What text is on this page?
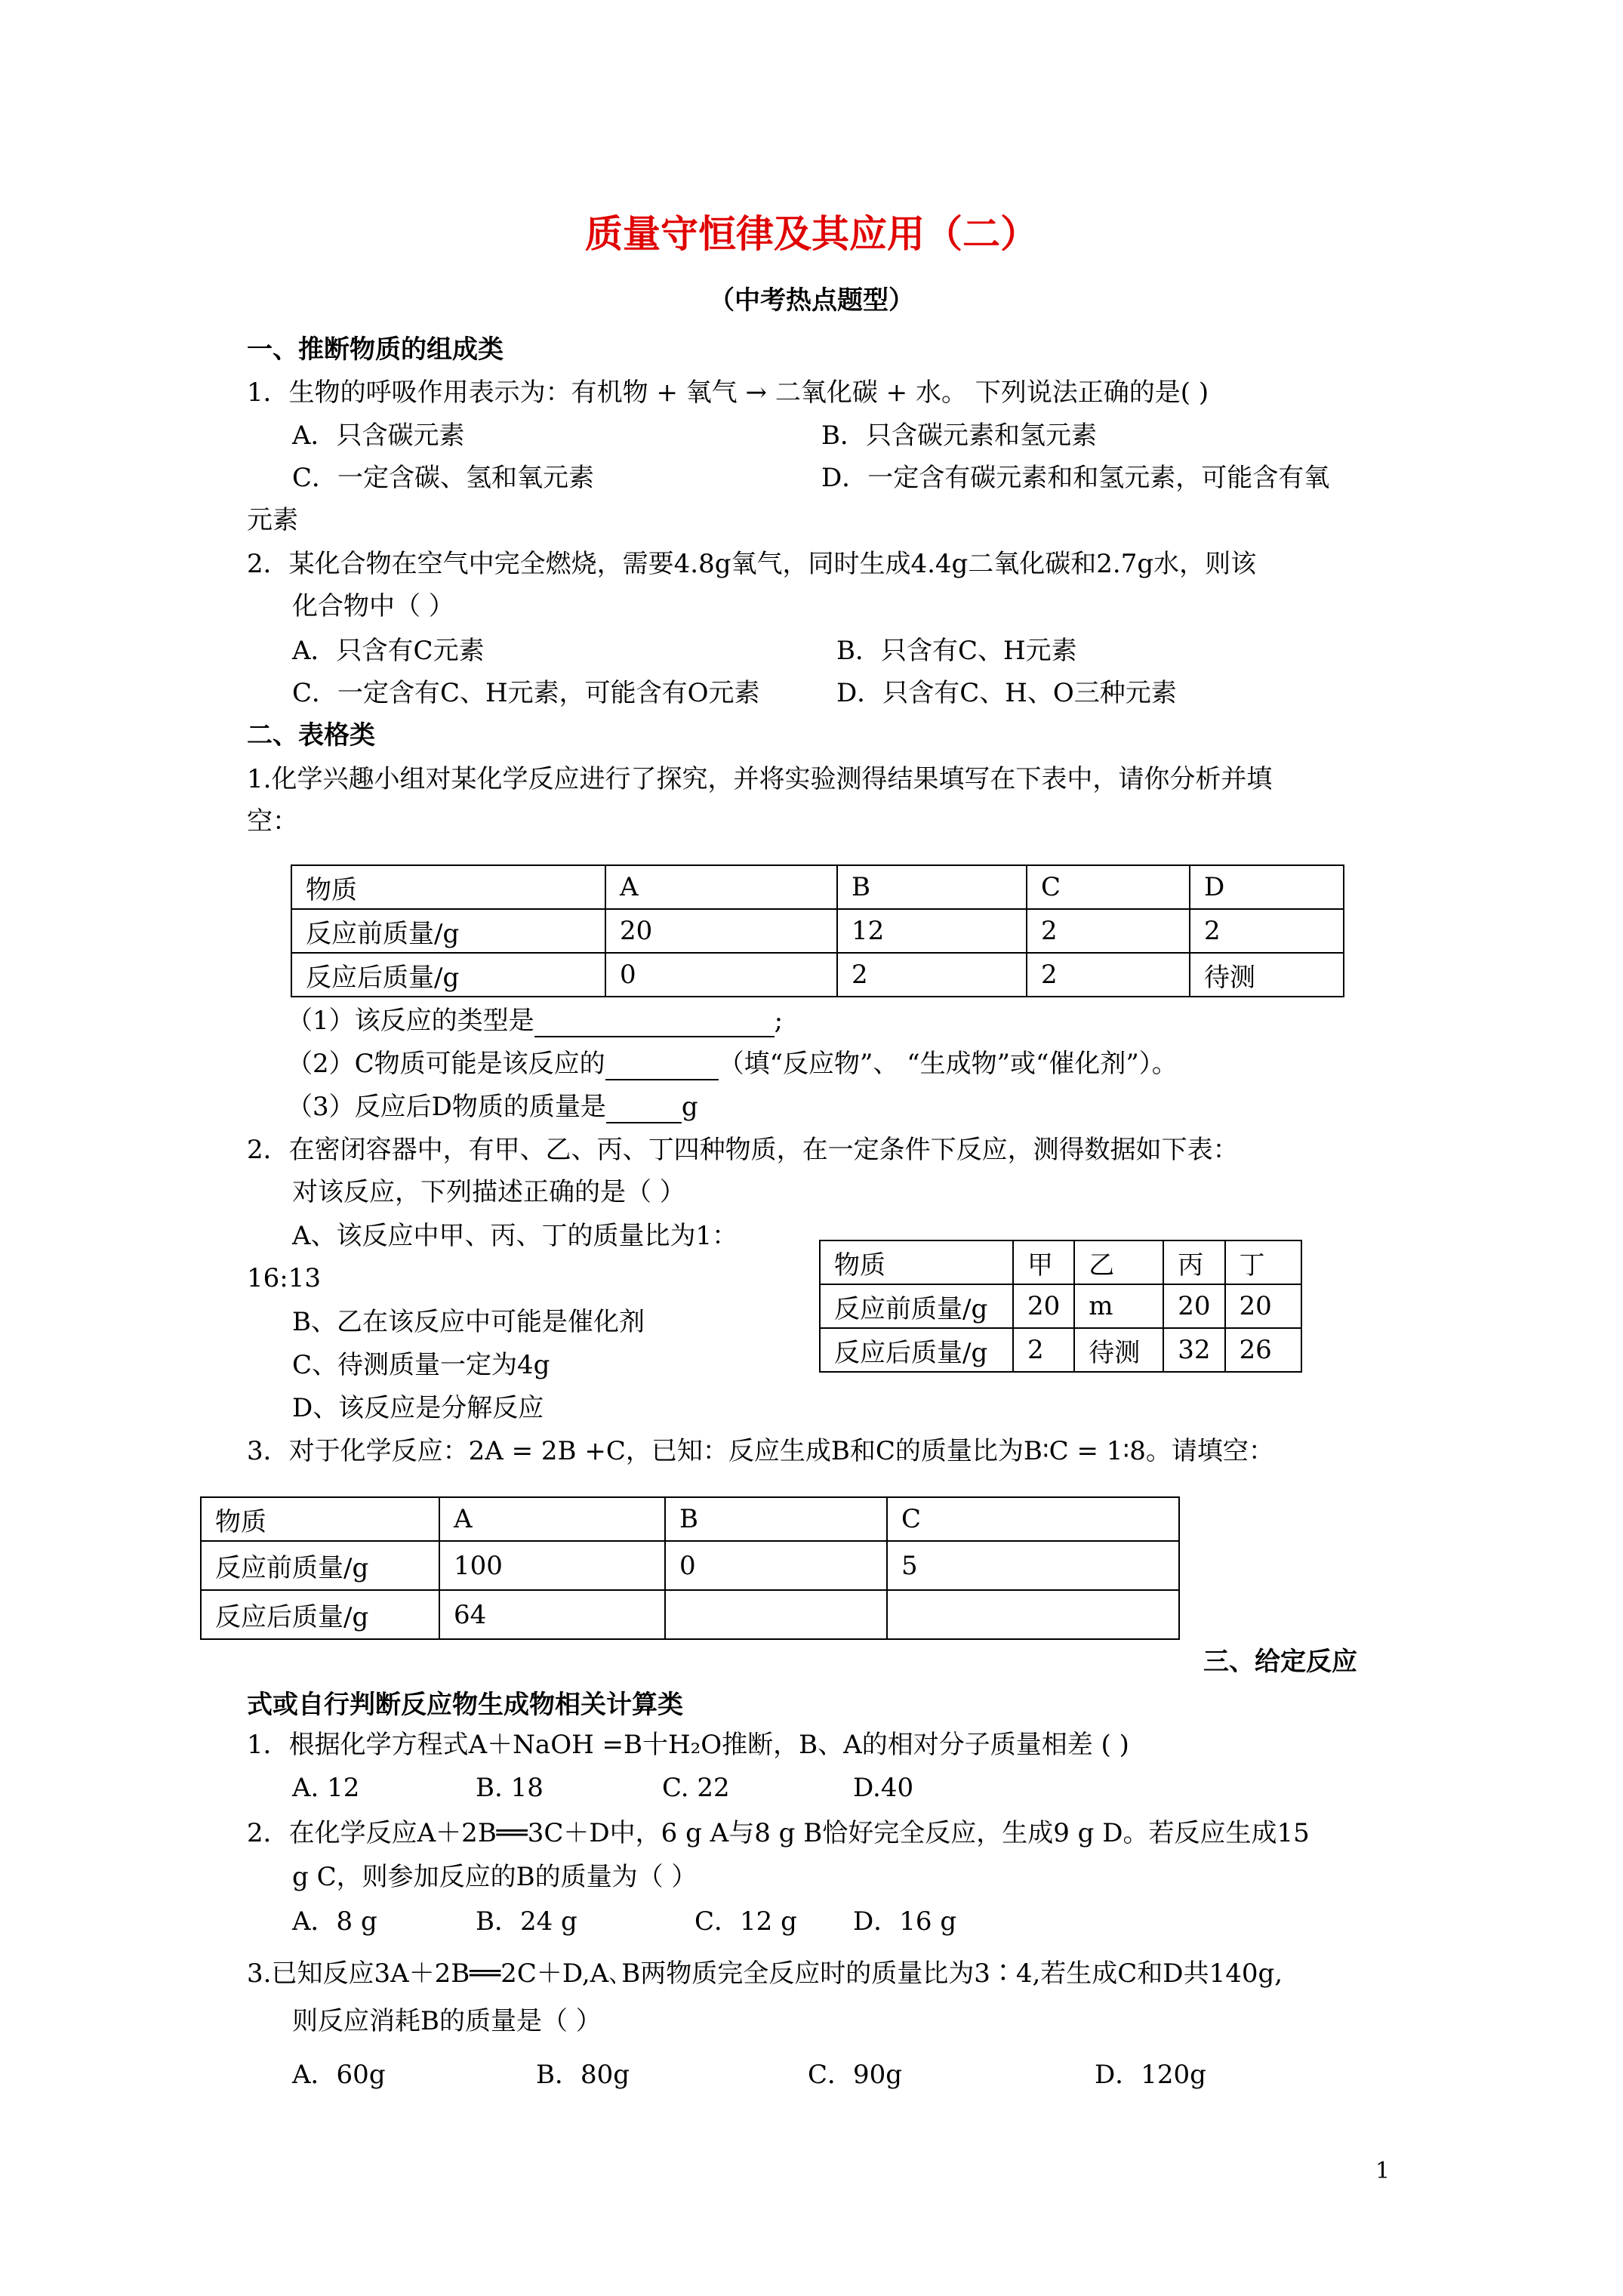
质量守恒律及其应用（二）
（中考热点题型）
一、推断物质的组成类
1．生物的呼吸作用表示为：有机物 + 氧气 → 二氧化碳 + 水。 下列说法正确的是( )
A．只含碳元素	B．只含碳元素和氢元素
C．一定含碳、氢和氧元素	D．一定含有碳元素和和氢元素，可能含有氧
元素
2．某化合物在空气中完全燃烧，需要4.8g氧气，同时生成4.4g二氧化碳和2.7g水，则该
化合物中（ ）
A．只含有C元素	B．只含有C、H元素
C．一定含有C、H元素，可能含有O元素	D．只含有C、H、O三种元素
二、表格类
1.化学兴趣小组对某化学反应进行了探究，并将实验测得结果填写在下表中，请你分析并填
空：
物质	A	B	C	D
反应前质量/g	20	12	2	2
反应后质量/g	0	2	2	待测
（1）该反应的类型是	;
（2）C物质可能是该反应的	（填“反应物”、 “生成物”或“催化剂”）。
（3）反应后D物质的质量是	g
2．在密闭容器中，有甲、乙、丙、丁四种物质，在一定条件下反应，测得数据如下表：
对该反应，下列描述正确的是（ ）
A、该反应中甲、丙、丁的质量比为1：
16:13
B、乙在该反应中可能是催化剂
C、待测质量一定为4g
D、该反应是分解反应
物质	甲	乙	丙	丁
反应前质量/g	20	m	20	20
反应后质量/g	2	待测	32	26
3．对于化学反应：2A = 2B +C，已知：反应生成B和C的质量比为B∶C = 1∶8。请填空：
物质	A	B	C
反应前质量/g	100	0	5
反应后质量/g	64		
三、给定反应
式或自行判断反应物生成物相关计算类
1．根据化学方程式A＋NaOH =B十H₂O推断，B、A的相对分子质量相差 ( )
A. 12	B. 18	C. 22	D.40
2．在化学反应A＋2B══3C＋D中，6 g A与8 g B恰好完全反应，生成9 g D。若反应生成15
g C，则参加反应的B的质量为（ ）
A．8 g	B．24 g	C．12 g D．16 g
3.已知反应3A＋2B══2C＋D,A､B两物质完全反应时的质量比为3∶4,若生成C和D共140g,
则反应消耗B的质量是（ ）
A．60g	B．80g	C．90g	D．120g
1
